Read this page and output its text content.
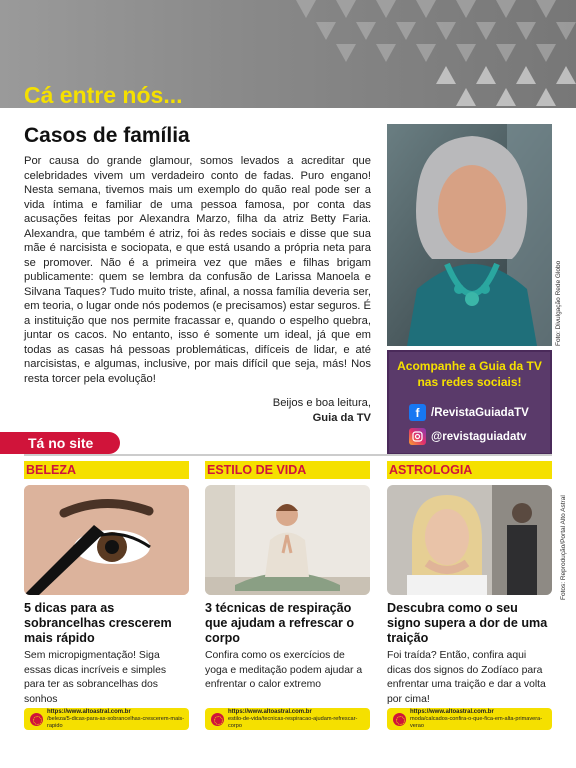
Cá entre nós...
Casos de família

Por causa do grande glamour, somos levados a acreditar que celebridades vivem um verdadeiro conto de fadas. Puro engano! Nesta semana, tivemos mais um exemplo do quão real pode ser a vida íntima e familiar de uma pessoa famosa, por conta das acusações feitas por Alexandra Marzo, filha da atriz Betty Faria. Alexandra, que também é atriz, foi às redes sociais e disse que sua mãe é narcisista e sociopata, e que está usando a própria neta para se promover. Não é a primeira vez que mães e filhas brigam publicamente: quem se lembra da confusão de Larissa Manoela e Silvana Taques? Tudo muito triste, afinal, a nossa família deveria ser, em teoria, o lugar onde nós podemos (e precisamos) estar seguros. É a instituição que nos permite fracassar e, quando o espelho quebra, juntar os cacos. No entanto, isso é somente um ideal, já que em todas as casas há pessoas problemáticas, difíceis de lidar, e até narcisistas, e algumas, inclusive, por mais difícil que seja, más! Nos resta torcer pela evolução!

Beijos e boa leitura,
Guia da TV
Foto: Divulgação Rede Globo
Acompanhe a Guia da TV nas redes sociais!
f	/RevistaGuiadaTV
@revistaguiadatv
Tá no site
BELEZA
5 dicas para as sobrancelhas crescerem mais rápido
Sem micropigmentação! Siga essas dicas incríveis e simples para ter as sobrancelhas dos sonhos
ESTILO DE VIDA
3 técnicas de respiração que ajudam a refrescar o corpo
Confira como os exercícios de yoga e meditação podem ajudar a enfrentar o calor extremo
ASTROLOGIA
Descubra como o seu signo supera a dor de uma traição
Foi traída? Então, confira aqui dicas dos signos do Zodíaco para enfrentar uma traição e dar a volta por cima!
Fotos: Reprodução/Portal Alto Astral
https://www.altoastral.com.br
/beleza/5-dicas-para-as-sobrancelhas-crescerem-mais-rapido
https://www.altoastral.com.br
estilo-de-vida/tecnicas-respiracao-ajudam-refrescar-corpo
https://www.altoastral.com.br
moda/calcados-confira-o-que-fica-em-alta-primavera-verao
